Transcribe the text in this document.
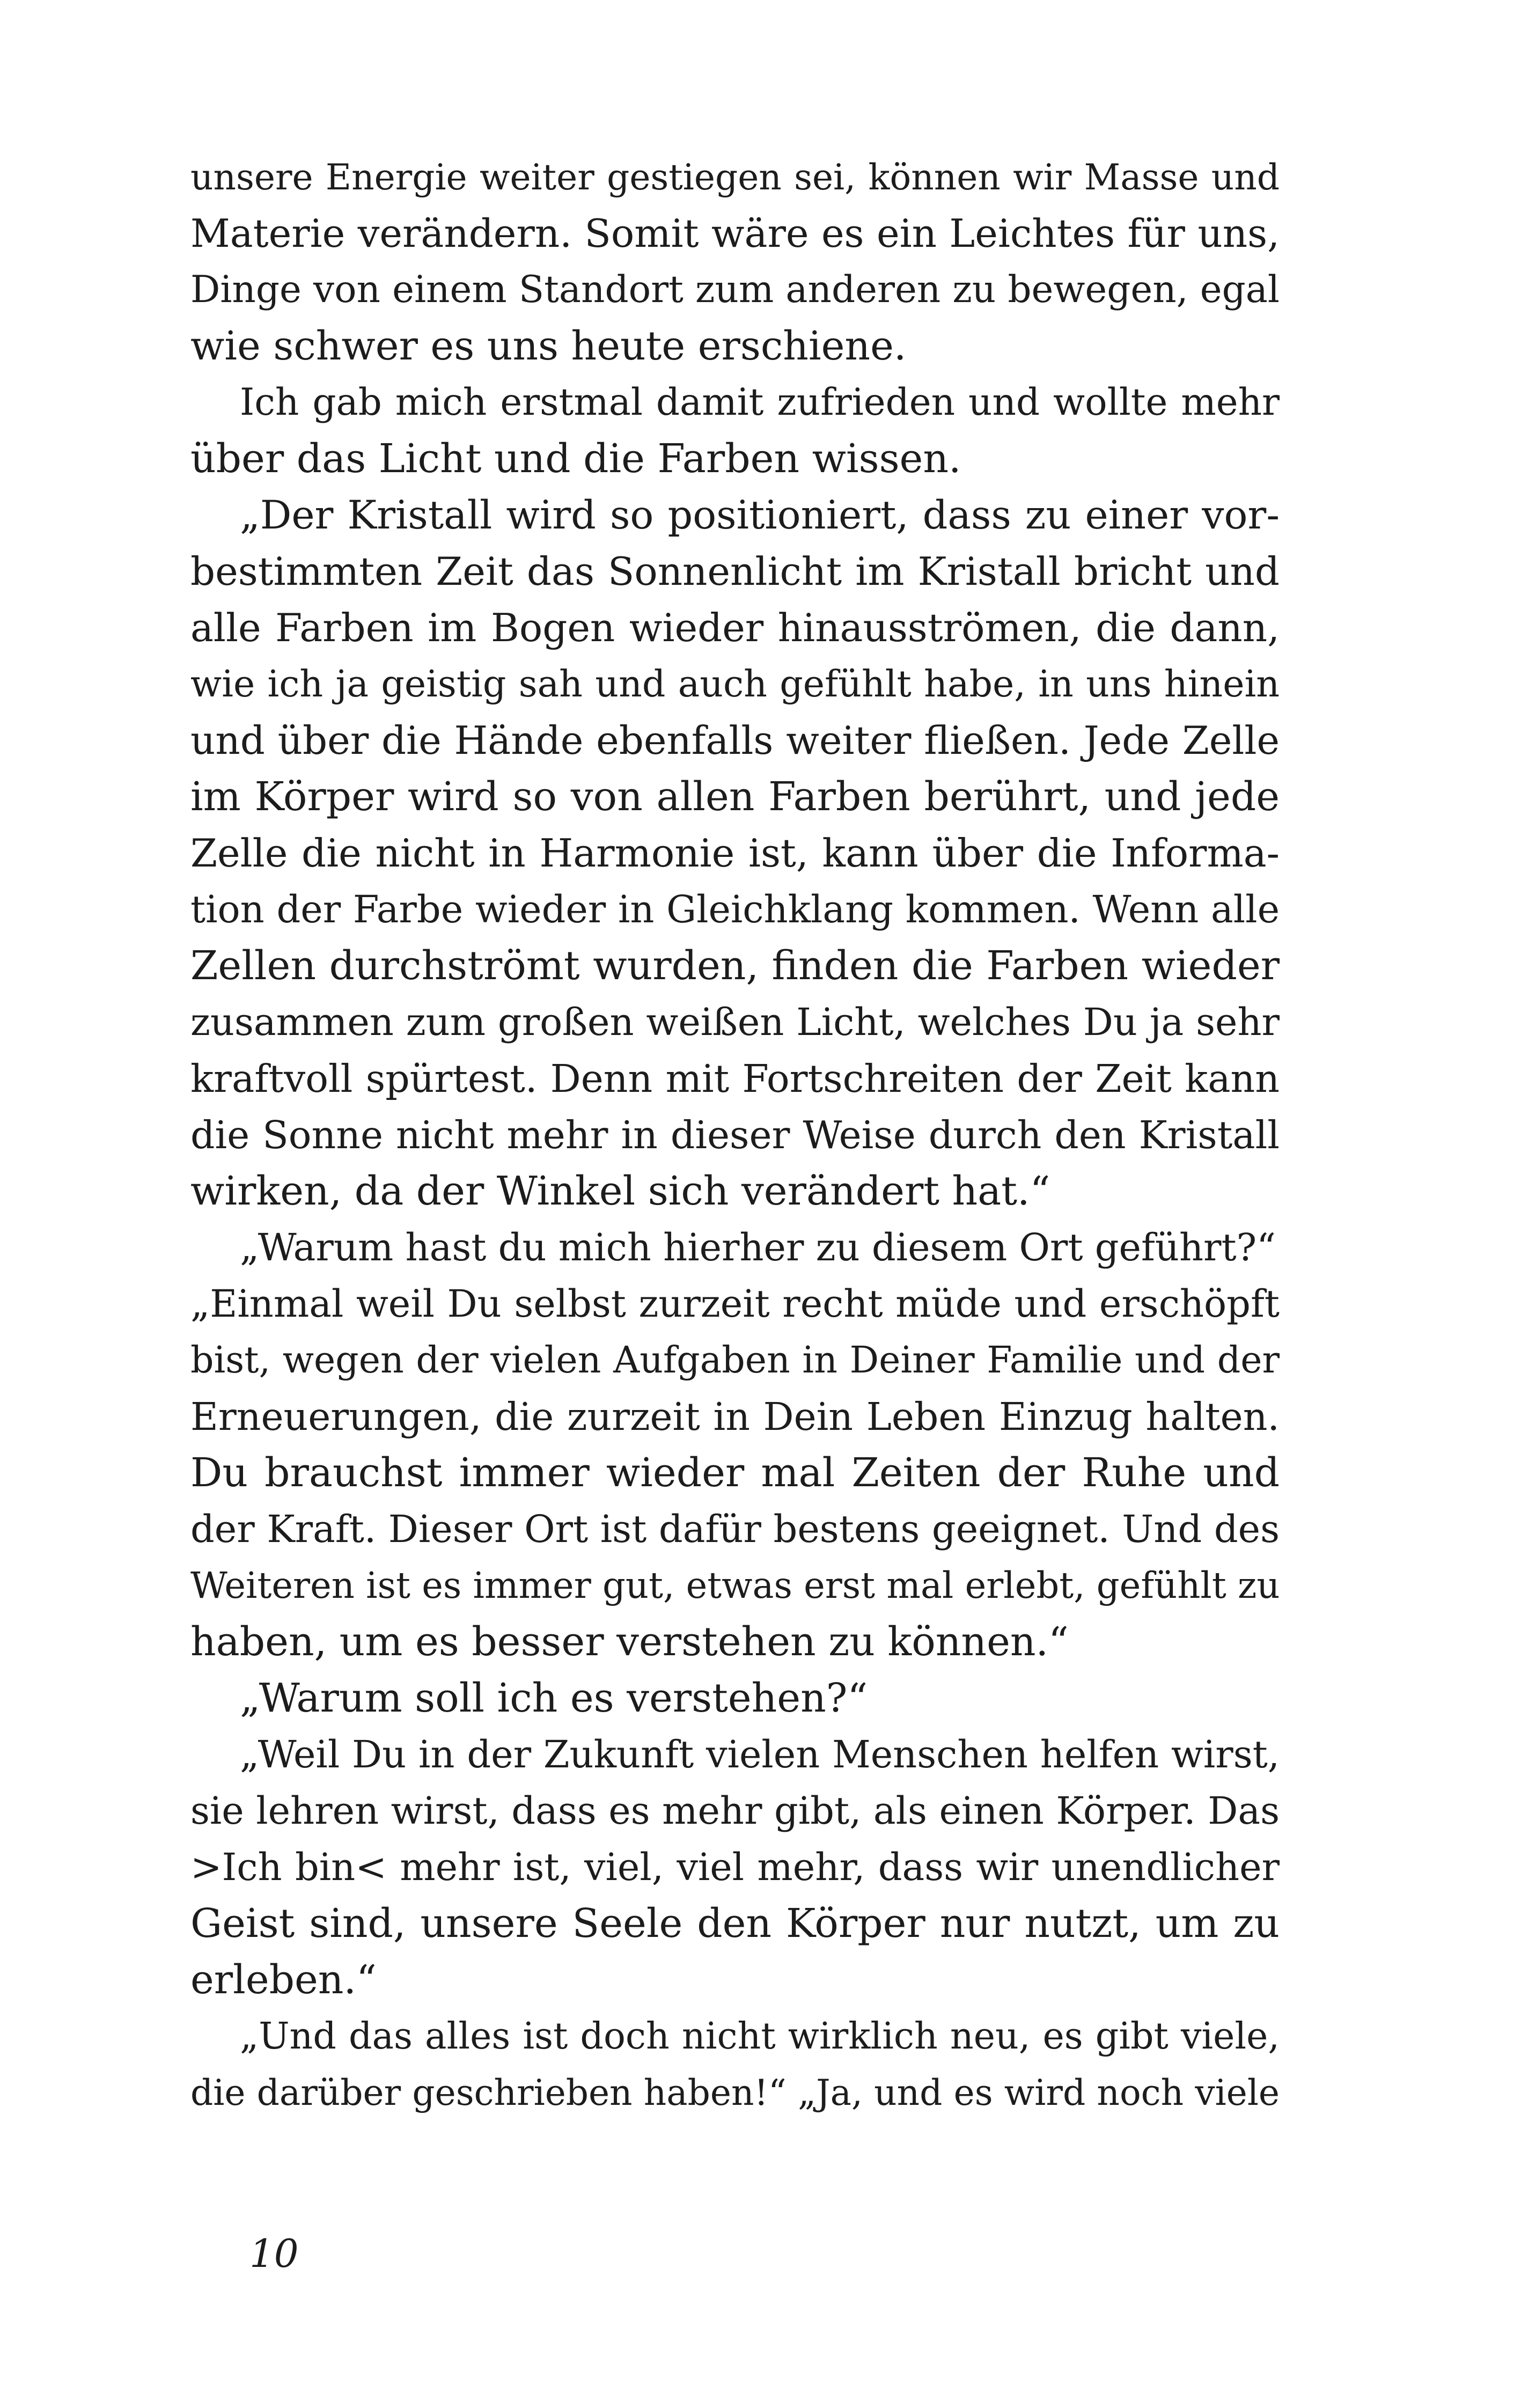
unsere Energie weiter gestiegen sei, können wir Masse und
Materie verändern. Somit wäre es ein Leichtes für uns,
Dinge von einem Standort zum anderen zu bewegen, egal
wie schwer es uns heute erschiene.
Ich gab mich erstmal damit zufrieden und wollte mehr
über das Licht und die Farben wissen.
„Der Kristall wird so positioniert, dass zu einer vor-
bestimmten Zeit das Sonnenlicht im Kristall bricht und
alle Farben im Bogen wieder hinausströmen, die dann,
wie ich ja geistig sah und auch gefühlt habe, in uns hinein
und über die Hände ebenfalls weiter fließen. Jede Zelle
im Körper wird so von allen Farben berührt, und jede
Zelle die nicht in Harmonie ist, kann über die Informa-
tion der Farbe wieder in Gleichklang kommen. Wenn alle
Zellen durchströmt wurden, finden die Farben wieder
zusammen zum großen weißen Licht, welches Du ja sehr
kraftvoll spürtest. Denn mit Fortschreiten der Zeit kann
die Sonne nicht mehr in dieser Weise durch den Kristall
wirken, da der Winkel sich verändert hat.“
„Warum hast du mich hierher zu diesem Ort geführt?“
„Einmal weil Du selbst zurzeit recht müde und erschöpft
bist, wegen der vielen Aufgaben in Deiner Familie und der
Erneuerungen, die zurzeit in Dein Leben Einzug halten.
Du brauchst immer wieder mal Zeiten der Ruhe und
der Kraft. Dieser Ort ist dafür bestens geeignet. Und des
Weiteren ist es immer gut, etwas erst mal erlebt, gefühlt zu
haben, um es besser verstehen zu können.“
„Warum soll ich es verstehen?“
„Weil Du in der Zukunft vielen Menschen helfen wirst,
sie lehren wirst, dass es mehr gibt, als einen Körper. Das
>Ich bin< mehr ist, viel, viel mehr, dass wir unendlicher
Geist sind, unsere Seele den Körper nur nutzt, um zu
erleben.“
„Und das alles ist doch nicht wirklich neu, es gibt viele,
die darüber geschrieben haben!“ „Ja, und es wird noch viele
10
